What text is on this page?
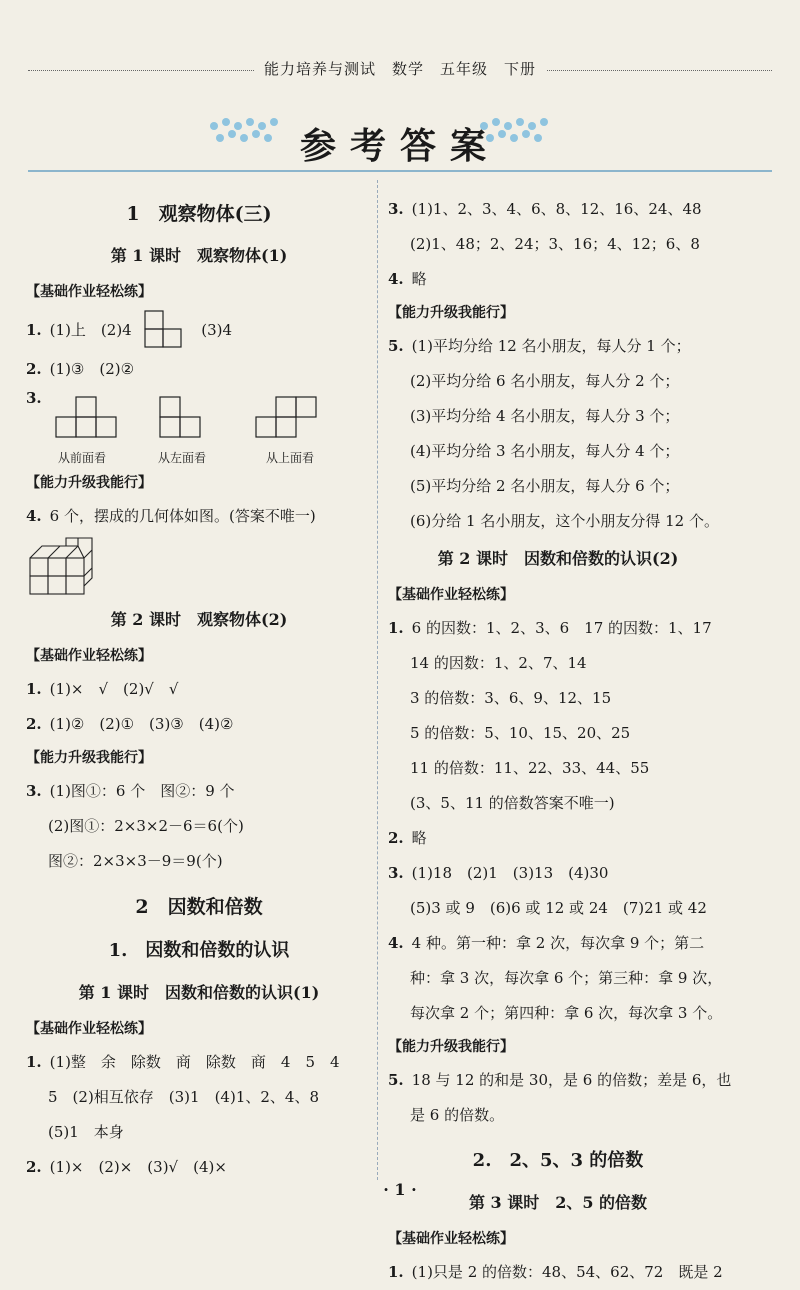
能力培养与测试　数学　五年级　下册
参考答案
1　观察物体(三)
第 1 课时　观察物体(1)
【基础作业轻松练】
1. (1)上　(2)4	(3)4
2. (1)③　(2)②
3.
从前面看	从左面看	从上面看
【能力升级我能行】
4. 6 个，摆成的几何体如图。(答案不唯一)
第 2 课时　观察物体(2)
【基础作业轻松练】
1. (1)×　√　(2)√　√
2. (1)②　(2)①　(3)③　(4)②
【能力升级我能行】
3. (1)图①：6 个　图②：9 个
(2)图①：2×3×2－6＝6(个)
图②：2×3×3－9＝9(个)
2　因数和倍数
1.　因数和倍数的认识
第 1 课时　因数和倍数的认识(1)
【基础作业轻松练】
1. (1)整　余　除数　商　除数　商　4　5　4
5　(2)相互依存　(3)1　(4)1、2、4、8
(5)1　本身
2. (1)×　(2)×　(3)√　(4)×
3. (1)1、2、3、4、6、8、12、16、24、48
(2)1、48；2、24；3、16；4、12；6、8
4. 略
【能力升级我能行】
5. (1)平均分给 12 名小朋友，每人分 1 个；
(2)平均分给 6 名小朋友，每人分 2 个；
(3)平均分给 4 名小朋友，每人分 3 个；
(4)平均分给 3 名小朋友，每人分 4 个；
(5)平均分给 2 名小朋友，每人分 6 个；
(6)分给 1 名小朋友，这个小朋友分得 12 个。
第 2 课时　因数和倍数的认识(2)
【基础作业轻松练】
1. 6 的因数：1、2、3、6　17 的因数：1、17
14 的因数：1、2、7、14
3 的倍数：3、6、9、12、15
5 的倍数：5、10、15、20、25
11 的倍数：11、22、33、44、55
(3、5、11 的倍数答案不唯一)
2. 略
3. (1)18　(2)1　(3)13　(4)30
(5)3 或 9　(6)6 或 12 或 24　(7)21 或 42
4. 4 种。第一种：拿 2 次，每次拿 9 个；第二
种：拿 3 次，每次拿 6 个；第三种：拿 9 次，
每次拿 2 个；第四种：拿 6 次，每次拿 3 个。
【能力升级我能行】
5. 18 与 12 的和是 30，是 6 的倍数；差是 6，也
是 6 的倍数。
2.　2、5、3 的倍数
第 3 课时　2、5 的倍数
【基础作业轻松练】
1. (1)只是 2 的倍数：48、54、62、72　既是 2
· 1 ·
